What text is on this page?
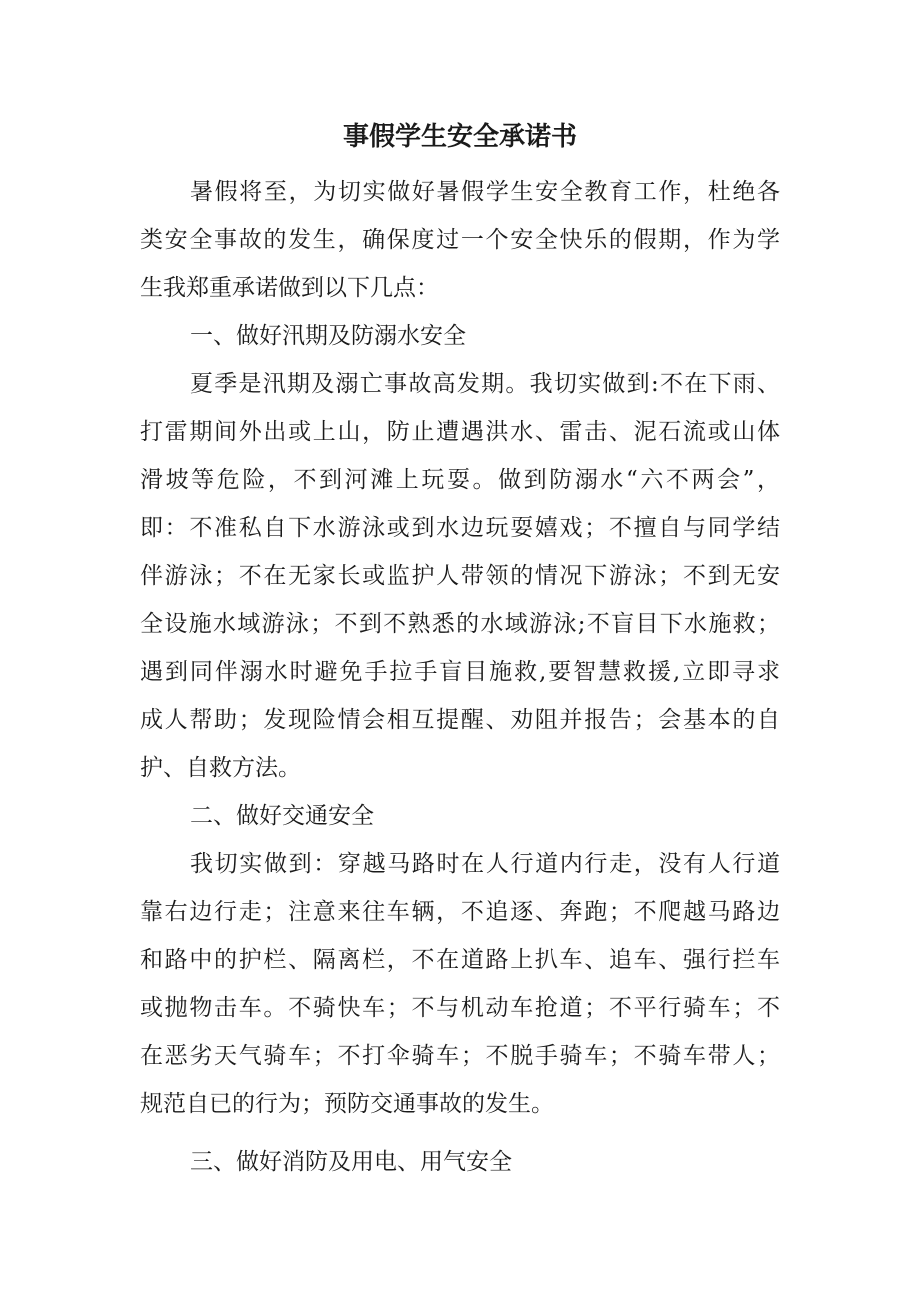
事假学生安全承诺书
暑假将至，为切实做好暑假学生安全教育工作，杜绝各
类安全事故的发生，确保度过一个安全快乐的假期，作为学
生我郑重承诺做到以下几点：
一、做好汛期及防溺水安全
夏季是汛期及溺亡事故高发期。我切实做到:不在下雨、
打雷期间外出或上山，防止遭遇洪水、雷击、泥石流或山体
滑坡等危险，不到河滩上玩耍。做到防溺水“六不两会”，
即：不准私自下水游泳或到水边玩耍嬉戏；不擅自与同学结
伴游泳；不在无家长或监护人带领的情况下游泳；不到无安
全设施水域游泳；不到不熟悉的水域游泳;不盲目下水施救；
遇到同伴溺水时避免手拉手盲目施救,要智慧救援,立即寻求
成人帮助；发现险情会相互提醒、劝阻并报告；会基本的自
护、自救方法。
二、做好交通安全
我切实做到：穿越马路时在人行道内行走，没有人行道
靠右边行走；注意来往车辆，不追逐、奔跑；不爬越马路边
和路中的护栏、隔离栏，不在道路上扒车、追车、强行拦车
或抛物击车。不骑快车；不与机动车抢道；不平行骑车；不
在恶劣天气骑车；不打伞骑车；不脱手骑车；不骑车带人；
规范自已的行为；预防交通事故的发生。
三、做好消防及用电、用气安全
